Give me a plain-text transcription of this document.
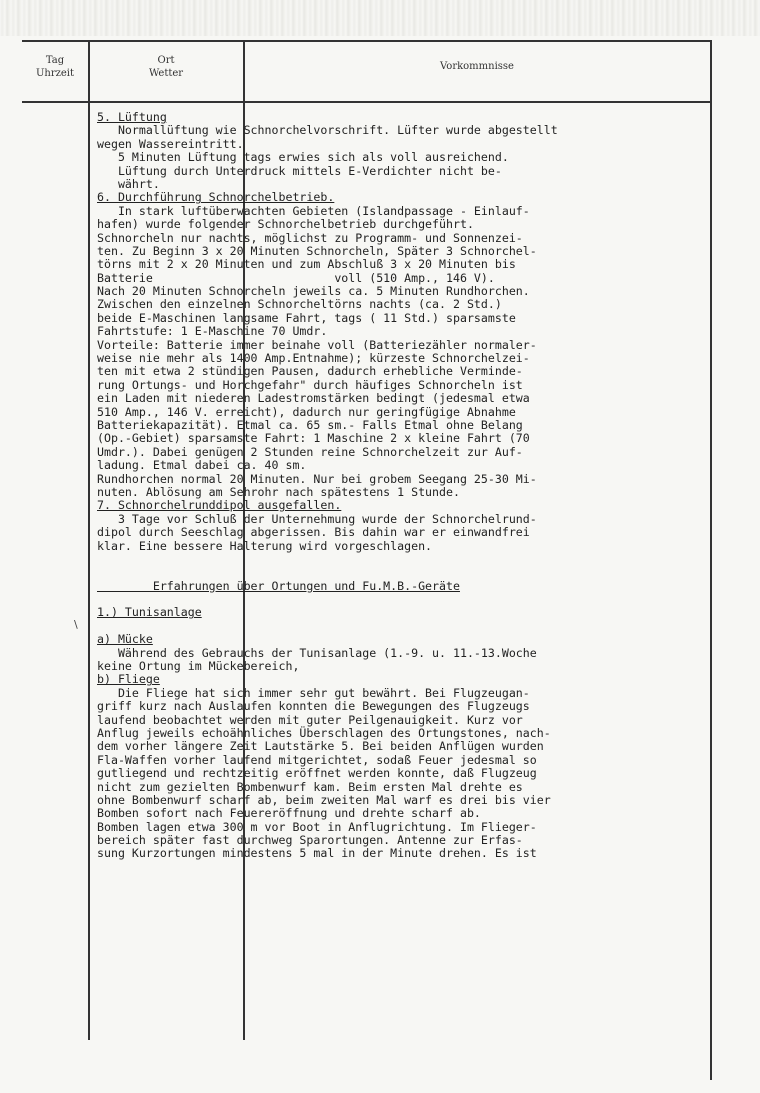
Tag
Uhrzeit
Ort
Wetter
Vorkommnisse
5. Lüftung
Normallüftung wie Schnorchelvorschrift. Lüfter wurde abgestellt
wegen Wassereintritt.
5 Minuten Lüftung tags erwies sich als voll ausreichend.
Lüftung durch Unterdruck mittels E-Verdichter nicht be-
währt.
6. Durchführung Schnorchelbetrieb.
In stark luftüberwachten Gebieten (Islandpassage - Einlauf-
hafen) wurde folgender Schnorchelbetrieb durchgeführt.
Schnorcheln nur nachts, möglichst zu Programm- und Sonnenzei-
ten. Zu Beginn 3 x 20 Minuten Schnorcheln, Später 3 Schnorchel-
törns mit 2 x 20 Minuten und zum Abschluß 3 x 20 Minuten bis
Batterie                          voll (510 Amp., 146 V).
Nach 20 Minuten Schnorcheln jeweils ca. 5 Minuten Rundhorchen.
Zwischen den einzelnen Schnorcheltörns nachts (ca. 2 Std.)
beide E-Maschinen langsame Fahrt, tags ( 11 Std.) sparsamste
Fahrtstufe: 1 E-Maschine 70 Umdr.
Vorteile: Batterie immer beinahe voll (Batteriezähler normaler-
weise nie mehr als 1400 Amp.Entnahme); kürzeste Schnorchelzei-
ten mit etwa 2 stündigen Pausen, dadurch erhebliche Verminde-
rung Ortungs- und Horchgefahr" durch häufiges Schnorcheln ist
ein Laden mit niederen Ladestromstärken bedingt (jedesmal etwa
510 Amp., 146 V. erreicht), dadurch nur geringfügige Abnahme
Batteriekapazität). Etmal ca. 65 sm.- Falls Etmal ohne Belang
(Op.-Gebiet) sparsamste Fahrt: 1 Maschine 2 x kleine Fahrt (70
Umdr.). Dabei genügen 2 Stunden reine Schnorchelzeit zur Auf-
ladung. Etmal dabei ca. 40 sm.
Rundhorchen normal 20 Minuten. Nur bei grobem Seegang 25-30 Mi-
nuten. Ablösung am Sehrohr nach spätestens 1 Stunde.
7. Schnorchelrunddipol ausgefallen.
3 Tage vor Schluß der Unternehmung wurde der Schnorchelrund-
dipol durch Seeschlag abgerissen. Bis dahin war er einwandfrei
klar. Eine bessere Halterung wird vorgeschlagen.

Erfahrungen über Ortungen und Fu.M.B.-Geräte

1.) Tunisanlage

a) Mücke
Während des Gebrauchs der Tunisanlage (1.-9. u. 11.-13.Woche
keine Ortung im Mückebereich,
b) Fliege
Die Fliege hat sich immer sehr gut bewährt. Bei Flugzeugan-
griff kurz nach Auslaufen konnten die Bewegungen des Flugzeugs
laufend beobachtet werden mit guter Peilgenauigkeit. Kurz vor
Anflug jeweils echoähnliches Überschlagen des Ortungstones, nach-
dem vorher längere Zeit Lautstärke 5. Bei beiden Anflügen wurden
Fla-Waffen vorher laufend mitgerichtet, sodaß Feuer jedesmal so
gutliegend und rechtzeitig eröffnet werden konnte, daß Flugzeug
nicht zum gezielten Bombenwurf kam. Beim ersten Mal drehte es
ohne Bombenwurf scharf ab, beim zweiten Mal warf es drei bis vier
Bomben sofort nach Feuereröffnung und drehte scharf ab.
Bomben lagen etwa 300 m vor Boot in Anflugrichtung. Im Flieger-
bereich später fast durchweg Sparortungen. Antenne zur Erfas-
sung Kurzortungen mindestens 5 mal in der Minute drehen. Es ist
\
